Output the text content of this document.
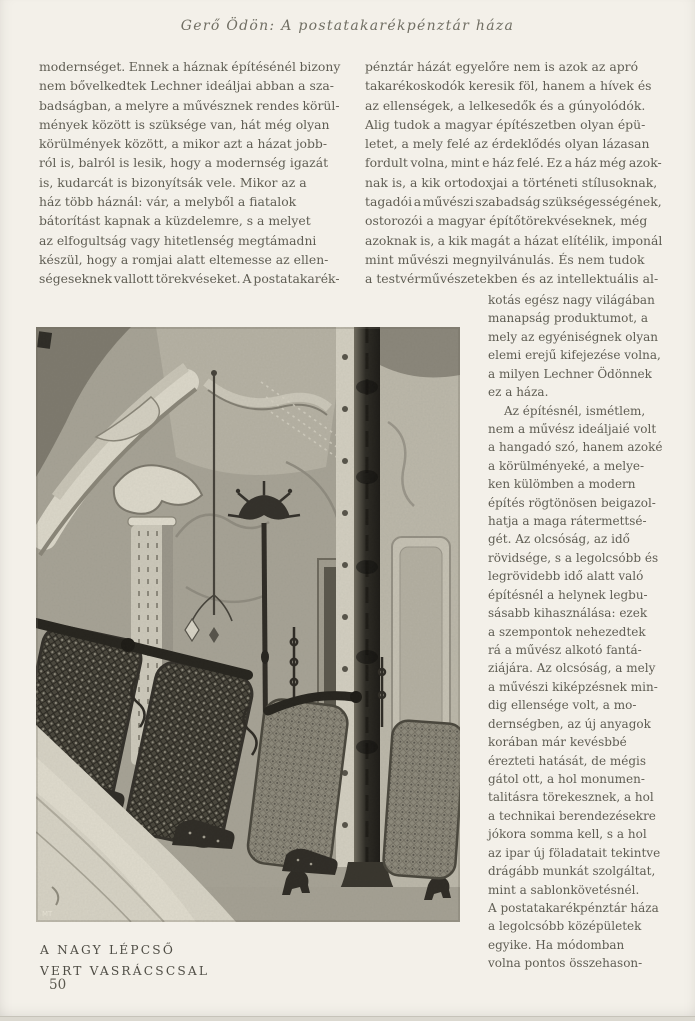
Gerő Ödön: A postatakarékpénztár háza
modernséget. Ennek a háznak építésénél bizony
nem bővelkedtek Lechner ideáljai abban a sza-
badságban, a melyre a művésznek rendes körül-
mények között is szüksége van, hát még olyan
körülmények között, a mikor azt a házat jobb-
ról is, balról is lesik, hogy a modernség igazát
is, kudarcát is bizonyítsák vele. Mikor az a
ház több háznál: vár, a melyből a fiatalok
bátorítást kapnak a küzdelemre, s a melyet
az elfogultság vagy hitetlenség megtámadni
készül, hogy a romjai alatt eltemesse az ellen-
ségeseknek vallott törekvéseket. A postatakarék-
pénztár házát egyelőre nem is azok az apró
takarékoskodók keresik föl, hanem a hívek és
az ellenségek, a lelkesedők és a gúnyolódók.
Alig tudok a magyar építészetben olyan épü-
letet, a mely felé az érdeklődés olyan lázasan
fordult volna, mint e ház felé. Ez a ház még azok-
nak is, a kik ortodoxjai a történeti stílusoknak,
tagadói a művészi szabadság szükségességének,
ostorozói a magyar építőtörekvéseknek, még
azoknak is, a kik magát a házat elítélik, imponál
mint művészi megnyilvánulás. És nem tudok
a testvérművészetekben és az intellektuális al-
kotás egész nagy világában
manapság produktumot, a
mely az egyéniségnek olyan
elemi erejű kifejezése volna,
a milyen Lechner Ödönnek
ez a háza.
Az építésnél, ismétlem,
nem a művész ideáljaié volt
a hangadó szó, hanem azoké
a körülményeké, a melye-
ken külömben a modern
építés rögtönösen beigazol-
hatja a maga rátermettsé-
gét. Az olcsóság, az idő
rövidsége, s a legolcsóbb és
legrövidebb idő alatt való
építésnél a helynek legbu-
sásabb kihasználása: ezek
a szempontok nehezedtek
rá a művész alkotó fantá-
ziájára. Az olcsóság, a mely
a művészi kiképzésnek min-
dig ellensége volt, a mo-
dernségben, az új anyagok
korában már kevésbbé
érezteti hatását, de mégis
gátol ott, a hol monumen-
talitásra törekesznek, a hol
a technikai berendezésekre
jókora somma kell, s a hol
az ipar új föladatait tekintve
drágább munkát szolgáltat,
mint a sablonkövetésnél.
A postatakarékpénztár háza
a legolcsóbb középületek
egyike. Ha módomban
volna pontos összehason-
MT
A NAGY LÉPCSŐ
VERT VASRÁCSCSAL
50
